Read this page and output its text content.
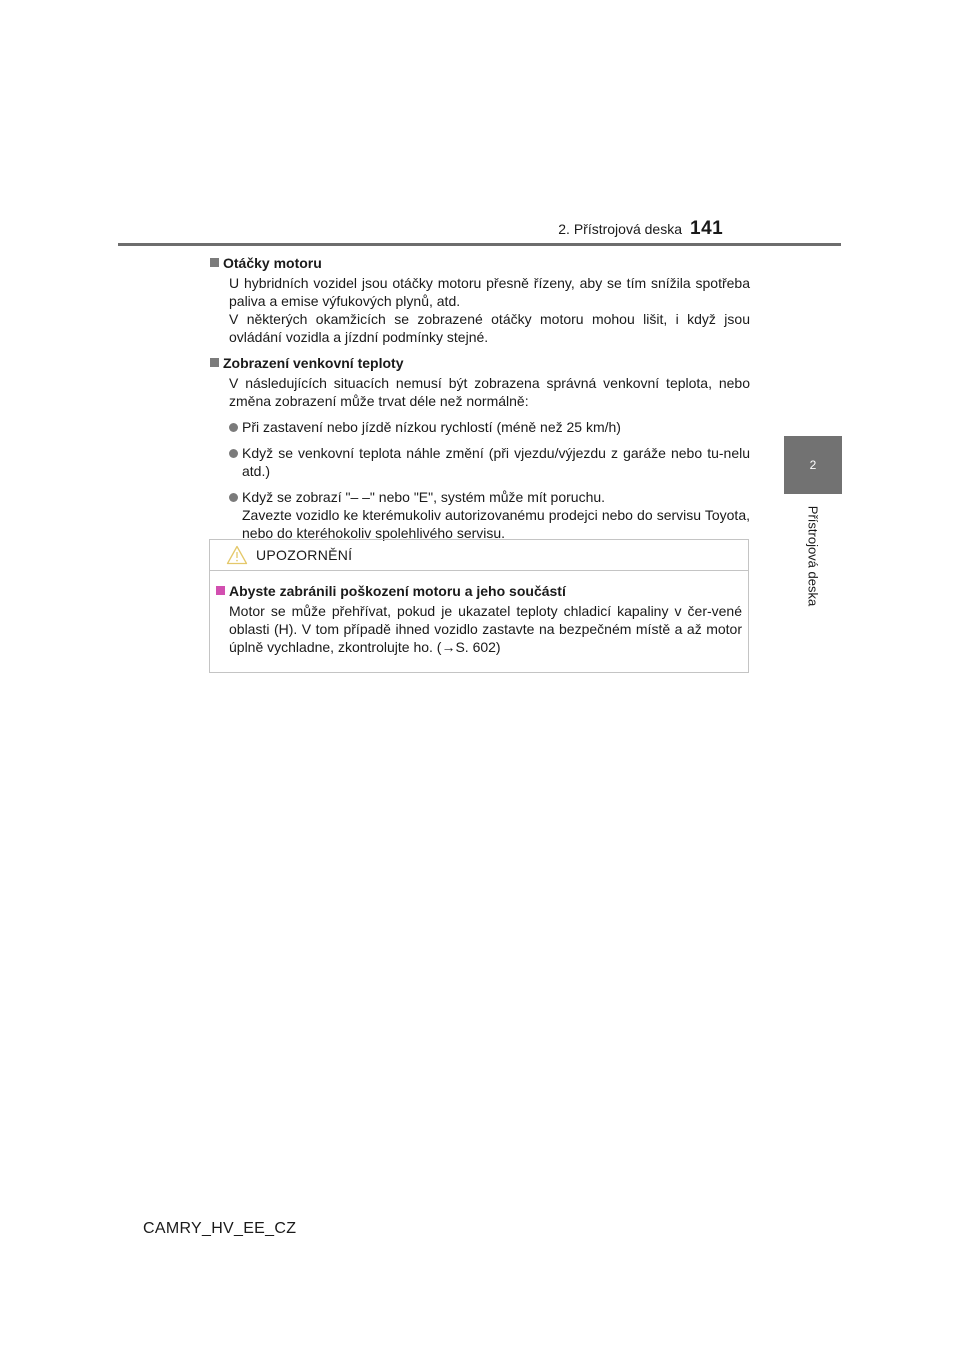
2. Přístrojová deska 141
2
Přístrojová deska
Otáčky motoru
U hybridních vozidel jsou otáčky motoru přesně řízeny, aby se tím snížila spotřeba paliva a emise výfukových plynů, atd.
V některých okamžicích se zobrazené otáčky motoru mohou lišit, i když jsou ovládání vozidla a jízdní podmínky stejné.
Zobrazení venkovní teploty
V následujících situacích nemusí být zobrazena správná venkovní teplota, nebo změna zobrazení může trvat déle než normálně:
Při zastavení nebo jízdě nízkou rychlostí (méně než 25 km/h)
Když se venkovní teplota náhle změní (při vjezdu/výjezdu z garáže nebo tu-nelu atd.)
Když se zobrazí "– –" nebo "E", systém může mít poruchu.
Zavezte vozidlo ke kterémukoliv autorizovanému prodejci nebo do servisu Toyota, nebo do kteréhokoliv spolehlivého servisu.
UPOZORNĚNÍ
Abyste zabránili poškození motoru a jeho součástí
Motor se může přehřívat, pokud je ukazatel teploty chladicí kapaliny v čer-vené oblasti (H). V tom případě ihned vozidlo zastavte na bezpečném místě a až motor úplně vychladne, zkontrolujte ho. (→S. 602)
CAMRY_HV_EE_CZ
